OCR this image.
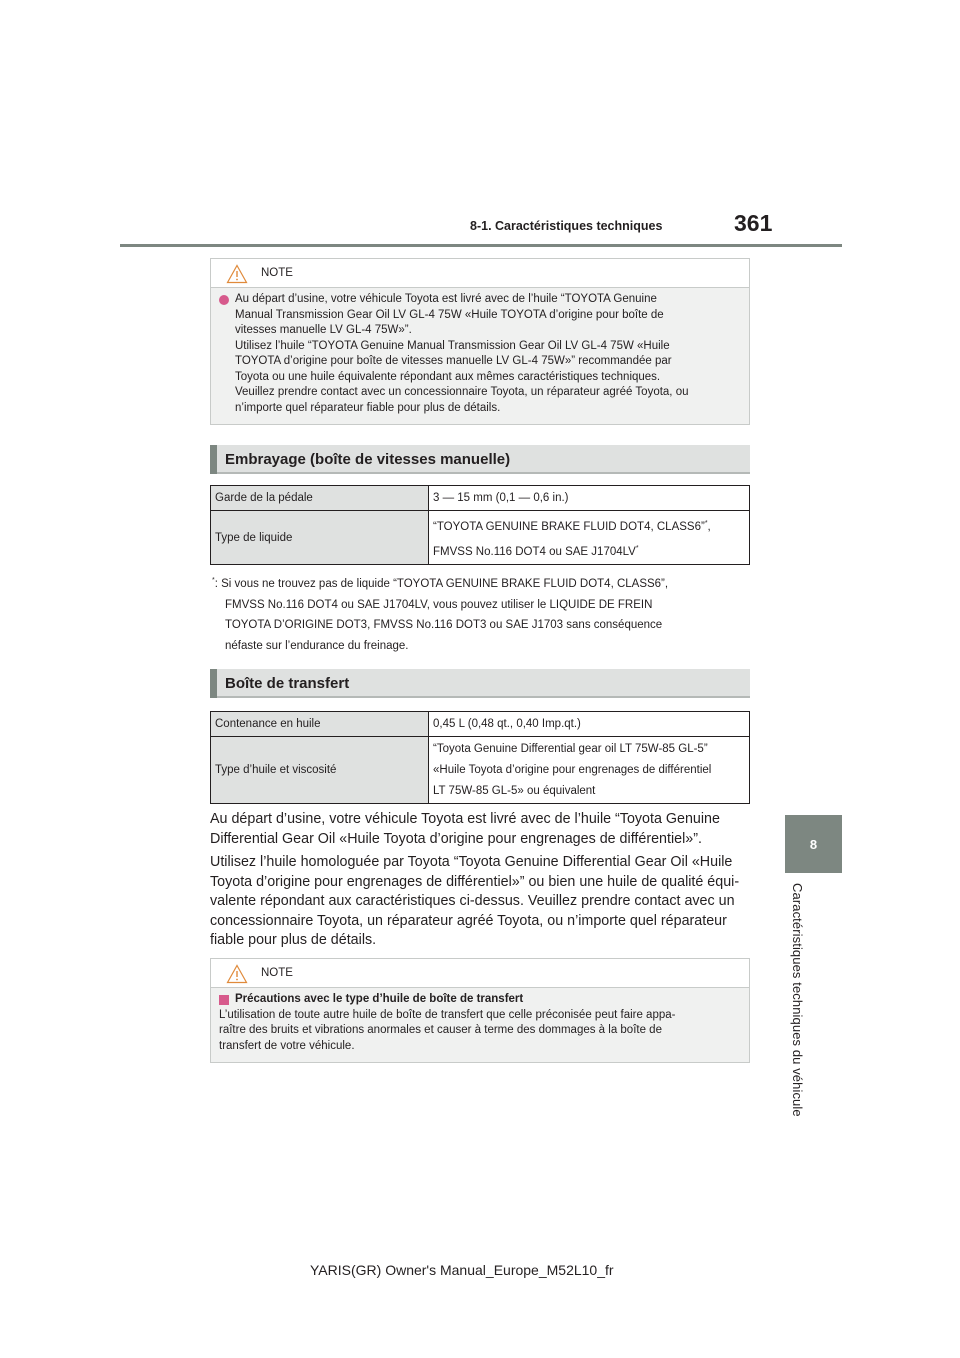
8-1. Caractéristiques techniques	361
8
Caractéristiques techniques du véhicule
NOTE

Au départ d’usine, votre véhicule Toyota est livré avec de l’huile “TOYOTA Genuine

Manual Transmission Gear Oil LV GL-4 75W «Huile TOYOTA d’origine pour boîte de

vitesses manuelle LV GL-4 75W»”.

Utilisez l’huile “TOYOTA Genuine Manual Transmission Gear Oil LV GL-4 75W «Huile

TOYOTA d’origine pour boîte de vitesses manuelle LV GL-4 75W»” recommandée par

Toyota ou une huile équivalente répondant aux mêmes caractéristiques techniques.

Veuillez prendre contact avec un concessionnaire Toyota, un réparateur agréé Toyota, ou

n’importe quel réparateur fiable pour plus de détails.

Embrayage (boîte de vitesses manuelle)
Garde de la pédale	3 — 15 mm (0,1 — 0,6 in.)
Type de liquide	“TOYOTA GENUINE BRAKE FLUID DOT4, CLASS6”*,

FMVSS No.116 DOT4 ou SAE J1704LV*

*: Si vous ne trouvez pas de liquide “TOYOTA GENUINE BRAKE FLUID DOT4, CLASS6”,

FMVSS No.116 DOT4 ou SAE J1704LV, vous pouvez utiliser le LIQUIDE DE FREIN

TOYOTA D’ORIGINE DOT3, FMVSS No.116 DOT3 ou SAE J1703 sans conséquence

néfaste sur l’endurance du freinage.

Boîte de transfert
Contenance en huile	0,45 L (0,48 qt., 0,40 Imp.qt.)
Type d’huile et viscosité	“Toyota Genuine Differential gear oil LT 75W-85 GL-5”

«Huile Toyota d’origine pour engrenages de différentiel

LT 75W-85 GL-5» ou équivalent

Au départ d’usine, votre véhicule Toyota est livré avec de l’huile “Toyota Genuine

Differential Gear Oil «Huile Toyota d’origine pour engrenages de différentiel»”.

Utilisez l’huile homologuée par Toyota “Toyota Genuine Differential Gear Oil «Huile

Toyota d’origine pour engrenages de différentiel»” ou bien une huile de qualité équi-

valente répondant aux caractéristiques ci-dessus. Veuillez prendre contact avec un

concessionnaire Toyota, un réparateur agréé Toyota, ou n’importe quel réparateur

fiable pour plus de détails.

NOTE

Précautions avec le type d’huile de boîte de transfert

L’utilisation de toute autre huile de boîte de transfert que celle préconisée peut faire appa-

raître des bruits et vibrations anormales et causer à terme des dommages à la boîte de

transfert de votre véhicule.

YARIS(GR) Owner's Manual_Europe_M52L10_fr
